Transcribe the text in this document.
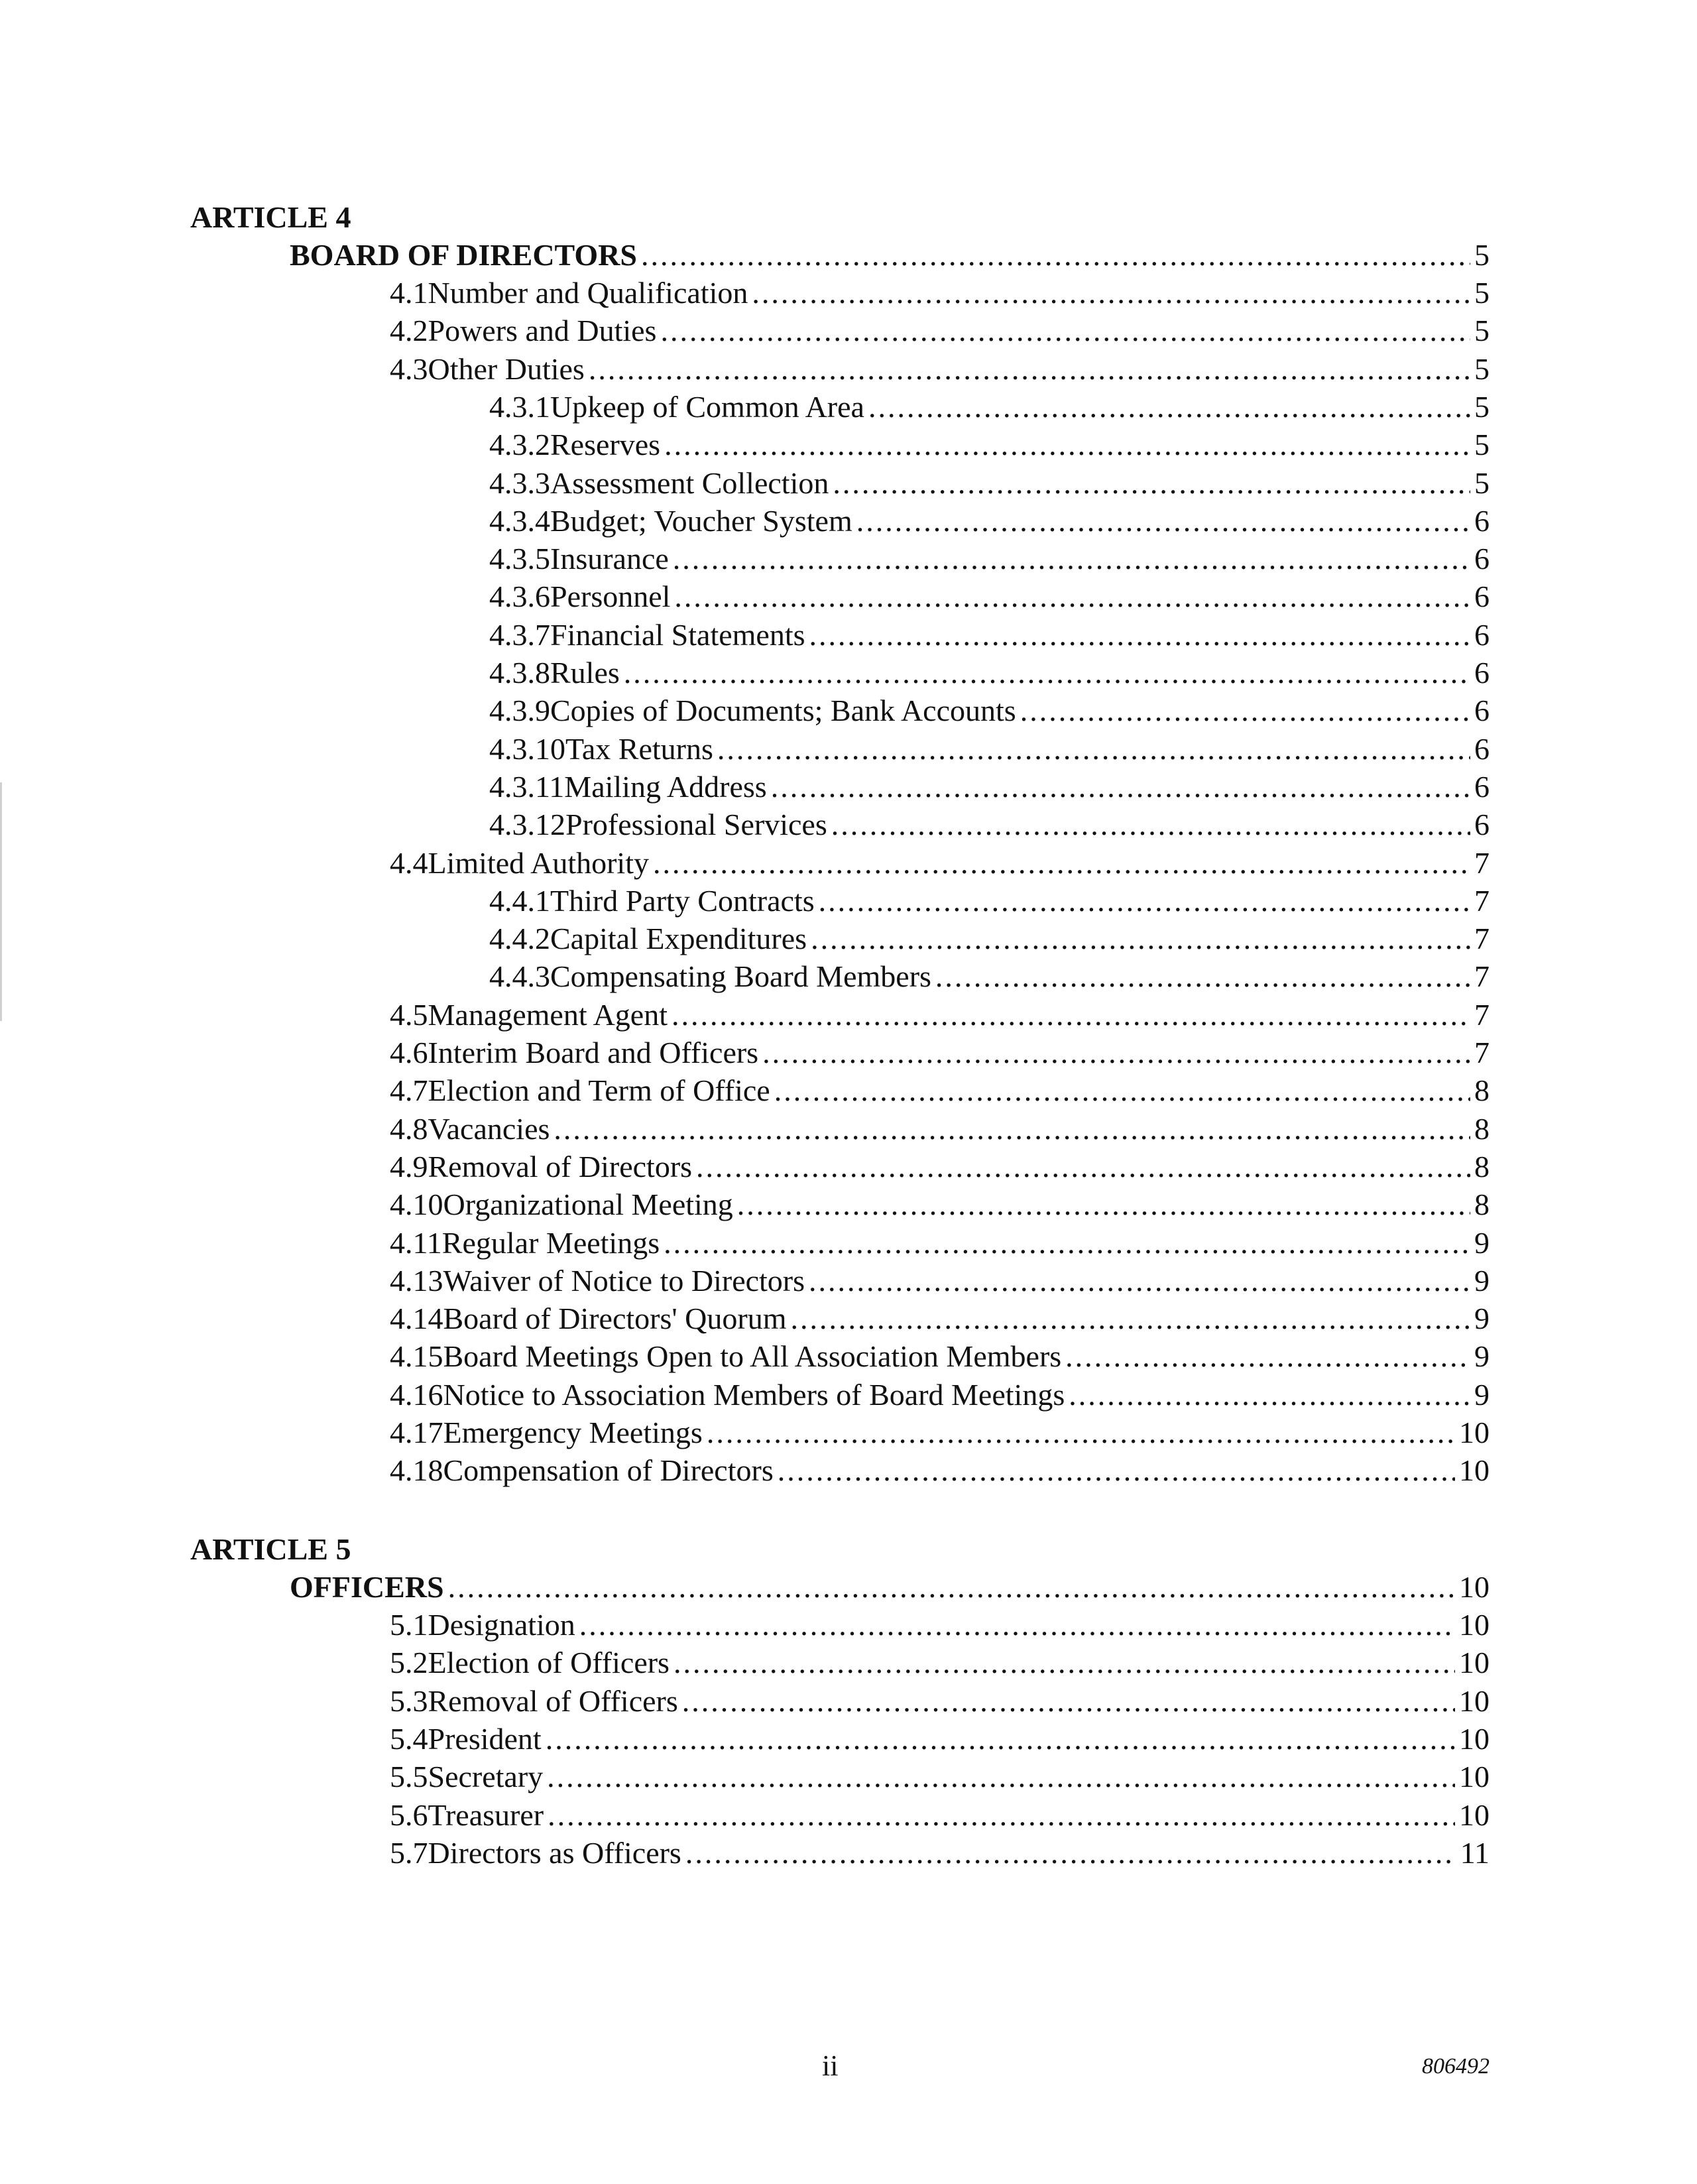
ARTICLE 4
BOARD OF DIRECTORS .....	5
4.1 Number and Qualification .....	5
4.2 Powers and Duties .....	5
4.3 Other Duties .....	5
4.3.1 Upkeep of Common Area .....	5
4.3.2 Reserves .....	5
4.3.3 Assessment Collection .....	5
4.3.4 Budget; Voucher System .....	6
4.3.5 Insurance .....	6
4.3.6 Personnel .....	6
4.3.7 Financial Statements .....	6
4.3.8 Rules .....	6
4.3.9 Copies of Documents; Bank Accounts .....	6
4.3.10 Tax Returns .....	6
4.3.11 Mailing Address .....	6
4.3.12 Professional Services .....	6
4.4 Limited Authority .....	7
4.4.1 Third Party Contracts .....	7
4.4.2 Capital Expenditures .....	7
4.4.3 Compensating Board Members .....	7
4.5 Management Agent .....	7
4.6 Interim Board and Officers .....	7
4.7 Election and Term of Office .....	8
4.8 Vacancies .....	8
4.9 Removal of Directors .....	8
4.10 Organizational Meeting .....	8
4.11 Regular Meetings .....	9
4.13 Waiver of Notice to Directors .....	9
4.14 Board of Directors' Quorum .....	9
4.15 Board Meetings Open to All Association Members .....	9
4.16 Notice to Association Members of Board Meetings .....	9
4.17 Emergency Meetings .....	10
4.18 Compensation of Directors .....	10
ARTICLE 5
OFFICERS .....	10
5.1 Designation .....	10
5.2 Election of Officers .....	10
5.3 Removal of Officers .....	10
5.4 President .....	10
5.5 Secretary .....	10
5.6 Treasurer .....	10
5.7 Directors as Officers .....	11
ii	806492
